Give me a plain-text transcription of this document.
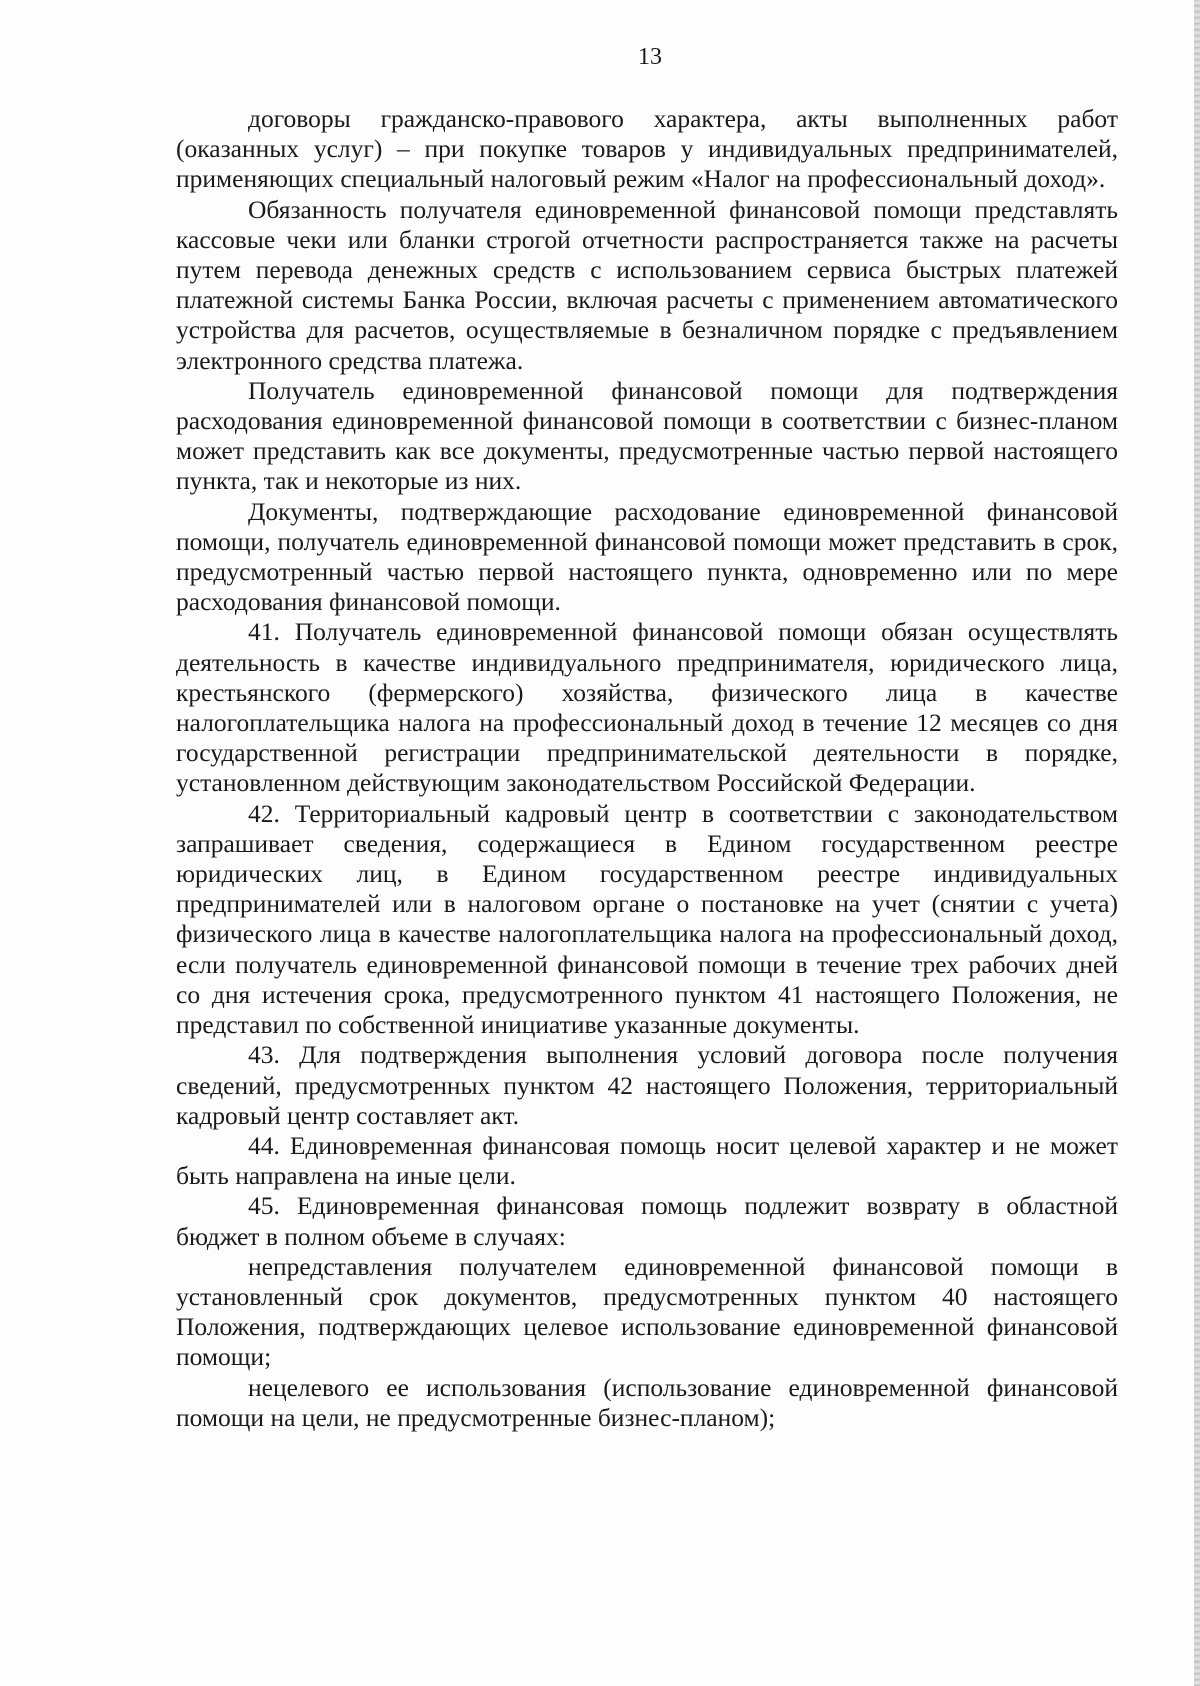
13

договоры гражданско-правового характера, акты выполненных работ (оказанных услуг) – при покупке товаров у индивидуальных предпринимателей, применяющих специальный налоговый режим «Налог на профессиональный доход».

Обязанность получателя единовременной финансовой помощи представлять кассовые чеки или бланки строгой отчетности распространяется также на расчеты путем перевода денежных средств с использованием сервиса быстрых платежей платежной системы Банка России, включая расчеты с применением автоматического устройства для расчетов, осуществляемые в безналичном порядке с предъявлением электронного средства платежа.

Получатель единовременной финансовой помощи для подтверждения расходования единовременной финансовой помощи в соответствии с бизнес-планом может представить как все документы, предусмотренные частью первой настоящего пункта, так и некоторые из них.

Документы, подтверждающие расходование единовременной финансовой помощи, получатель единовременной финансовой помощи может представить в срок, предусмотренный частью первой настоящего пункта, одновременно или по мере расходования финансовой помощи.

41. Получатель единовременной финансовой помощи обязан осуществлять деятельность в качестве индивидуального предпринимателя, юридического лица, крестьянского (фермерского) хозяйства, физического лица в качестве налогоплательщика налога на профессиональный доход в течение 12 месяцев со дня государственной регистрации предпринимательской деятельности в порядке, установленном действующим законодательством Российской Федерации.

42. Территориальный кадровый центр в соответствии с законодательством запрашивает сведения, содержащиеся в Едином государственном реестре юридических лиц, в Едином государственном реестре индивидуальных предпринимателей или в налоговом органе о постановке на учет (снятии с учета) физического лица в качестве налогоплательщика налога на профессиональный доход, если получатель единовременной финансовой помощи в течение трех рабочих дней со дня истечения срока, предусмотренного пунктом 41 настоящего Положения, не представил по собственной инициативе указанные документы.

43. Для подтверждения выполнения условий договора после получения сведений, предусмотренных пунктом 42 настоящего Положения, территориальный кадровый центр составляет акт.

44. Единовременная финансовая помощь носит целевой характер и не может быть направлена на иные цели.

45. Единовременная финансовая помощь подлежит возврату в областной бюджет в полном объеме в случаях:

непредставления получателем единовременной финансовой помощи в установленный срок документов, предусмотренных пунктом 40 настоящего Положения, подтверждающих целевое использование единовременной финансовой помощи;

нецелевого ее использования (использование единовременной финансовой помощи на цели, не предусмотренные бизнес-планом);
